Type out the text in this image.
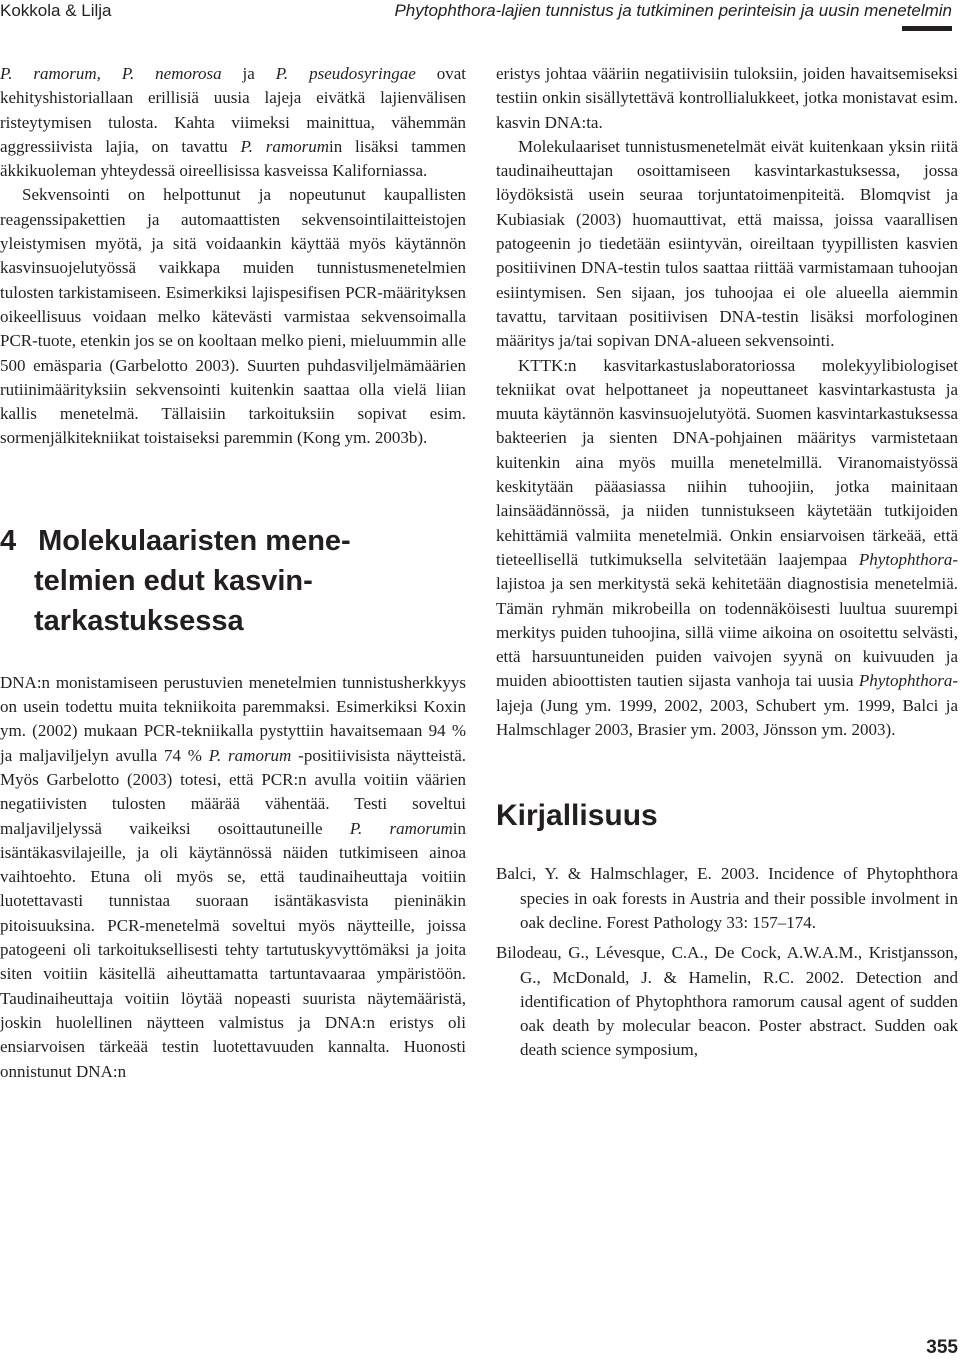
Kokkola & Lilja	Phytophthora-lajien tunnistus ja tutkiminen perinteisin ja uusin menetelmin

P. ramorum, P. nemorosa ja P. pseudosyringae ovat kehityshistoriallaan erillisiä uusia lajeja eivätkä lajienvälisen risteytymisen tulosta. Kahta viimeksi mainittua, vähemmän aggressiivista lajia, on tavattu P. ramorumin lisäksi tammen äkkikuoleman yhteydessä oireellisissa kasveissa Kaliforniassa.

Sekvensointi on helpottunut ja nopeutunut kaupallisten reagenssipakettien ja automaattisten sekvensointilaitteistojen yleistymisen myötä, ja sitä voidaankin käyttää myös käytännön kasvinsuojelutyössä vaikkapa muiden tunnistusmenetelmien tulosten tarkistamiseen. Esimerkiksi lajispesifisen PCR-määrityksen oikeellisuus voidaan melko kätevästi varmistaa sekvensoimalla PCR-tuote, etenkin jos se on kooltaan melko pieni, mieluummin alle 500 emäsparia (Garbelotto 2003). Suurten puhdasviljelmämäärien rutiinimäärityksiin sekvensointi kuitenkin saattaa olla vielä liian kallis menetelmä. Tällaisiin tarkoituksiin sopivat esim. sormenjälkitekniikat toistaiseksi paremmin (Kong ym. 2003b).

4 Molekulaaristen mene-
telmien edut kasvin-
tarkastuksessa

DNA:n monistamiseen perustuvien menetelmien tunnistusherkkyys on usein todettu muita tekniikoita paremmaksi. Esimerkiksi Koxin ym. (2002) mukaan PCR-tekniikalla pystyttiin havaitsemaan 94 % ja maljaviljelyn avulla 74 % P. ramorum -positiivisista näytteistä. Myös Garbelotto (2003) totesi, että PCR:n avulla voitiin väärien negatiivisten tulosten määrää vähentää. Testi soveltui maljaviljelyssä vaikeiksi osoittautuneille P. ramorumin isäntäkasvilajeille, ja oli käytännössä näiden tutkimiseen ainoa vaihtoehto. Etuna oli myös se, että taudinaiheuttaja voitiin luotettavasti tunnistaa suoraan isäntäkasvista pieninäkin pitoisuuksina. PCR-menetelmä soveltui myös näytteille, joissa patogeeni oli tarkoituksellisesti tehty tartutuskyvyttömäksi ja joita siten voitiin käsitellä aiheuttamatta tartuntavaaraa ympäristöön. Taudinaiheuttaja voitiin löytää nopeasti suurista näytemääristä, joskin huolellinen näytteen valmistus ja DNA:n eristys oli ensiarvoisen tärkeää testin luotettavuuden kannalta. Huonosti onnistunut DNA:n

eristys johtaa vääriin negatiivisiin tuloksiin, joiden havaitsemiseksi testiin onkin sisällytettävä kontrollialukkeet, jotka monistavat esim. kasvin DNA:ta.

Molekulaariset tunnistusmenetelmät eivät kuitenkaan yksin riitä taudinaiheuttajan osoittamiseen kasvintarkastuksessa, jossa löydöksistä usein seuraa torjuntatoimenpiteitä. Blomqvist ja Kubiasiak (2003) huomauttivat, että maissa, joissa vaarallisen patogeenin jo tiedetään esiintyvän, oireiltaan tyypillisten kasvien positiivinen DNA-testin tulos saattaa riittää varmistamaan tuhoojan esiintymisen. Sen sijaan, jos tuhoojaa ei ole alueella aiemmin tavattu, tarvitaan positiivisen DNA-testin lisäksi morfologinen määritys ja/tai sopivan DNA-alueen sekvensointi.

KTTK:n kasvitarkastuslaboratoriossa molekyylibiologiset tekniikat ovat helpottaneet ja nopeuttaneet kasvintarkastusta ja muuta käytännön kasvinsuojelutyötä. Suomen kasvintarkastuksessa bakteerien ja sienten DNA-pohjainen määritys varmistetaan kuitenkin aina myös muilla menetelmillä. Viranomaistyössä keskitytään pääasiassa niihin tuhoojiin, jotka mainitaan lainsäädännössä, ja niiden tunnistukseen käytetään tutkijoiden kehittämiä valmiita menetelmiä. Onkin ensiarvoisen tärkeää, että tieteellisellä tutkimuksella selvitetään laajempaa Phytophthora-lajistoa ja sen merkitystä sekä kehitetään diagnostisia menetelmiä. Tämän ryhmän mikrobeilla on todennäköisesti luultua suurempi merkitys puiden tuhoojina, sillä viime aikoina on osoitettu selvästi, että harsuuntuneiden puiden vaivojen syynä on kuivuuden ja muiden abioottisten tautien sijasta vanhoja tai uusia Phytophthora-lajeja (Jung ym. 1999, 2002, 2003, Schubert ym. 1999, Balci ja Halmschlager 2003, Brasier ym. 2003, Jönsson ym. 2003).

Kirjallisuus

Balci, Y. & Halmschlager, E. 2003. Incidence of Phytophthora species in oak forests in Austria and their possible involment in oak decline. Forest Pathology 33: 157–174.

Bilodeau, G., Lévesque, C.A., De Cock, A.W.A.M., Kristjansson, G., McDonald, J. & Hamelin, R.C. 2002. Detection and identification of Phytophthora ramorum causal agent of sudden oak death by molecular beacon. Poster abstract. Sudden oak death science symposium,

355
